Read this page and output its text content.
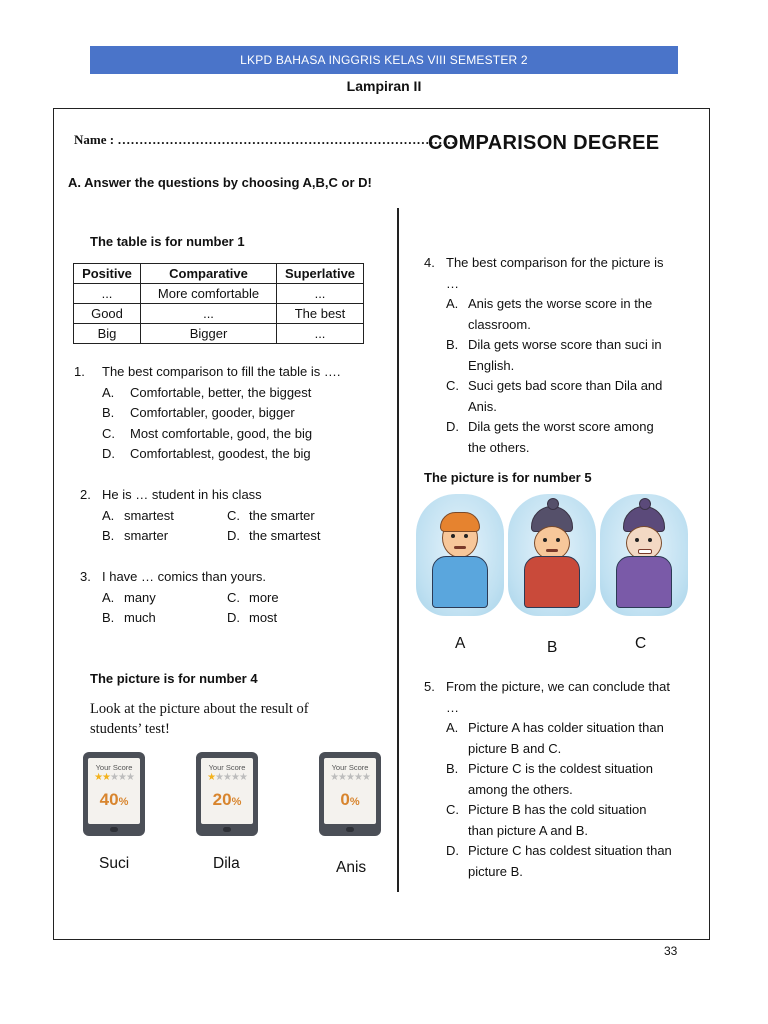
LKPD BAHASA INGGRIS KELAS VIII SEMESTER 2
Lampiran II
Name : ……………………………………………………………………
COMPARISON DEGREE
A. Answer the questions by choosing A,B,C or D!
The table is for number 1
Positive	Comparative	Superlative
...	More comfortable	...
Good	...	The best
Big	Bigger	...
1.	The best comparison to fill the table is ….
A.	Comfortable, better, the biggest
B.	Comfortabler, gooder, bigger
C.	Most comfortable, good, the big
D.	Comfortablest, goodest, the big
2. He is … student in his class
A. smartest	C. the smarter
B. smarter	D. the smartest
3. I have … comics than yours.
A. many	C. more
B. much	D. most
The picture is for number 4
Look at the picture about the result of students’ test!
Your Score
★★★★★
40%
Your Score
★★★★★
20%
Your Score
★★★★★
0%
Suci	Dila	Anis
4. The best comparison for the picture is …
A. Anis gets the worse score in the classroom.
B. Dila gets worse score than suci in English.
C. Suci gets bad score than Dila and Anis.
D. Dila gets the worst score among the others.
The picture is for number 5
A	B	C
5. From the picture, we can conclude that …
A. Picture A has colder situation than picture B and C.
B. Picture C is the coldest situation among the others.
C. Picture B has the cold situation than picture A and B.
D. Picture C has coldest situation than picture B.
33
